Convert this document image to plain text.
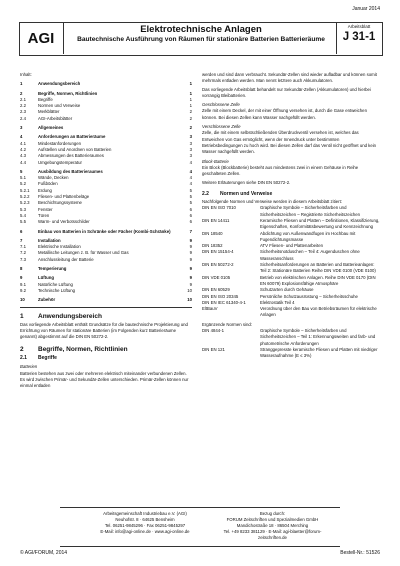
Januar 2014
AGI	Elektrotechnische Anlagen
Bautechnische Ausführung von Räumen für stationäre Batterien Batterieräume
Arbeitsblatt
J 31-1
Inhalt:
1	Anwendungsbereich	1
2	Begriffe, Normen, Richtlinien	1
2.1	Begriffe	1
2.2	Normen und Verweise	1
2.3	Merkblätter	2
2.4	AGI-Arbeitsblätter	2
3	Allgemeines	2
4	Anforderungen an Batterieräume	3
4.1	Mindestanforderungen	3
4.2	Aufstellen und Anordnen von Batterien	3
4.3	Abmessungen des Batterieraumes	3
4.4	Umgebungstemperatur	4
5	Ausbildung des Batterieraumes	4
5.1	Wände, Decken	4
5.2	Fußböden	4
5.2.1	Erdung	5
5.2.2	Fliesen- und Plattenbeläge	5
5.2.3	Beschichtungssysteme	5
5.3	Fenster	6
5.4	Türen	6
5.5	Warm- und Verbotsschilder	6
6	Einbau von Batterien in Schränke oder Fächer (Kombi-Schränke)	7
7	Installation	9
7.1	Elektrische Installation	9
7.2	Metallische Leitungen z. B. für Wasser und Gas	9
7.3	Anschlussleitung der Batterie	9
8	Temperierung	9
9	Lüftung	9
9.1	Natürliche Lüftung	9
9.2	Technische Lüftung	10
10	Zubehör	10
1	Anwendungsbereich
Das vorliegende Arbeitsblatt enthält Grundsätze für die bautechnische Projektierung und Errichtung von Räumen für stationäre Batterien (im Folgenden kurz Batterieräume genannt) abgestimmt auf die DIN EN 50272-2.
2	Begriffe, Normen, Richtlinien
2.1	Begriffe
Batterien
Batterien bestehen aus zwei oder mehreren elektrisch miteinander verbundenen Zellen. Es wird zwischen Primär- und Sekundär-Zellen unterschieden. Primär-Zellen können nur einmal entladen
werden und sind dann verbraucht. Sekundär-Zellen sind wieder aufladbar und können somit mehrmals entladen werden. Man nennt letztere auch Akkumulatoren.
Das vorliegende Arbeitsblatt behandelt nur Sekundär-Zellen (Akkumulatoren) und hierbei vorrangig Bleibatterien.
Geschlossene Zelle
Zelle mit einem Deckel, der mit einer Öffnung versehen ist, durch die Gase entweichen können. Bei diesen Zellen kann Wasser nachgefüllt werden.
Verschlossene Zelle
Zelle, die mit einem selbstschließenden Überdruckventil versehen ist, welches das Entweichen von Gas ermöglicht, wenn der Innendruck unter bestimmten Betriebsbedingungen zu hoch wird. Bei diesen Zellen darf das Ventil nicht geöffnet und kein Wasser nachgefüllt werden.
Block-Batterie
Ein Block (Blockbatterie) besteht aus mindestens zwei in einem Gehäuse in Reihe geschalteten Zellen.
Weitere Erläuterungen siehe DIN EN 50272-2.
2.2	Normen und Verweise
Nachfolgende Normen und Verweise werden in diesem Arbeitsblatt zitiert:
DIN EN ISO 7010	Graphische Symbole – Sicherheitsfarben und Sicherheitszeichen – Registrierte Sicherheitszeichen
DIN EN 14411	Keramische Fliesen und Platten – Definitionen, Klassifizierung, Eigenschaften, Konformitätsbewertung und Kennzeichnung
DIN 18540	Abdichtung von Außenwandfugen im Hochbau mit Fugendichtungsmasse
DIN 18352	ATV Fliesen- und Plattenarbeiten
DIN EN 15154-4	Sicherheitsnotduschen – Teil 4: Augenduschen ohne Wasseranschluss
DIN EN 50272-2	Sicherheitsanforderungen an Batterien und Batterieanlagen: Teil 2: Stationäre Batterien Reihe DIN VDE 0100 (VDE 0100)
DIN VDE 0105	Betrieb von elektrischen Anlagen. Reihe DIN VDE 0170 (DIN EN 60079) Explosionsfähige Atmosphäre
DIN EN 60529	Schutzarten durch Gehäuse
DIN EN ISO 20345	Persönliche Schutzausrüstung – Sicherheitsschuhe
DIN EN IEC 61340-4-1	Elektrostatik Teil 4
EltBauV	Verordnung über den Bau von Betriebsräumen für elektrische Anlagen
Ergänzende Normen sind:
DIN 4844-1	Graphische Symbole – Sicherheitsfarben und Sicherheitszeichen – Teil 1: Erkennungsweiten und farb- und photometrische Anforderungen
DIN EN 121	Stranggepresste keramische Fliesen und Platten mit niedriger Wasseraufnahme (E ≤ 3%)
Arbeitsgemeinschaft Industriebau e.V. (AGI)
Neuhofstr. 8 · 64625 Bensheim
Tel. 06251-9845296 · Fax 06251-9845297
E-Mail: info@agi-online.de · www.agi-online.de
Bezug durch:
FORUM Zeitschriften und Spezialmedien GmbH
Mandichostraße 18 · 86504 Merching
Tel. +49 8233 381129 · E-Mail: agi-blaetter@forum-zeitschriften.de
© AGI/FORUM, 2014	Bestell-Nr.: 51526
